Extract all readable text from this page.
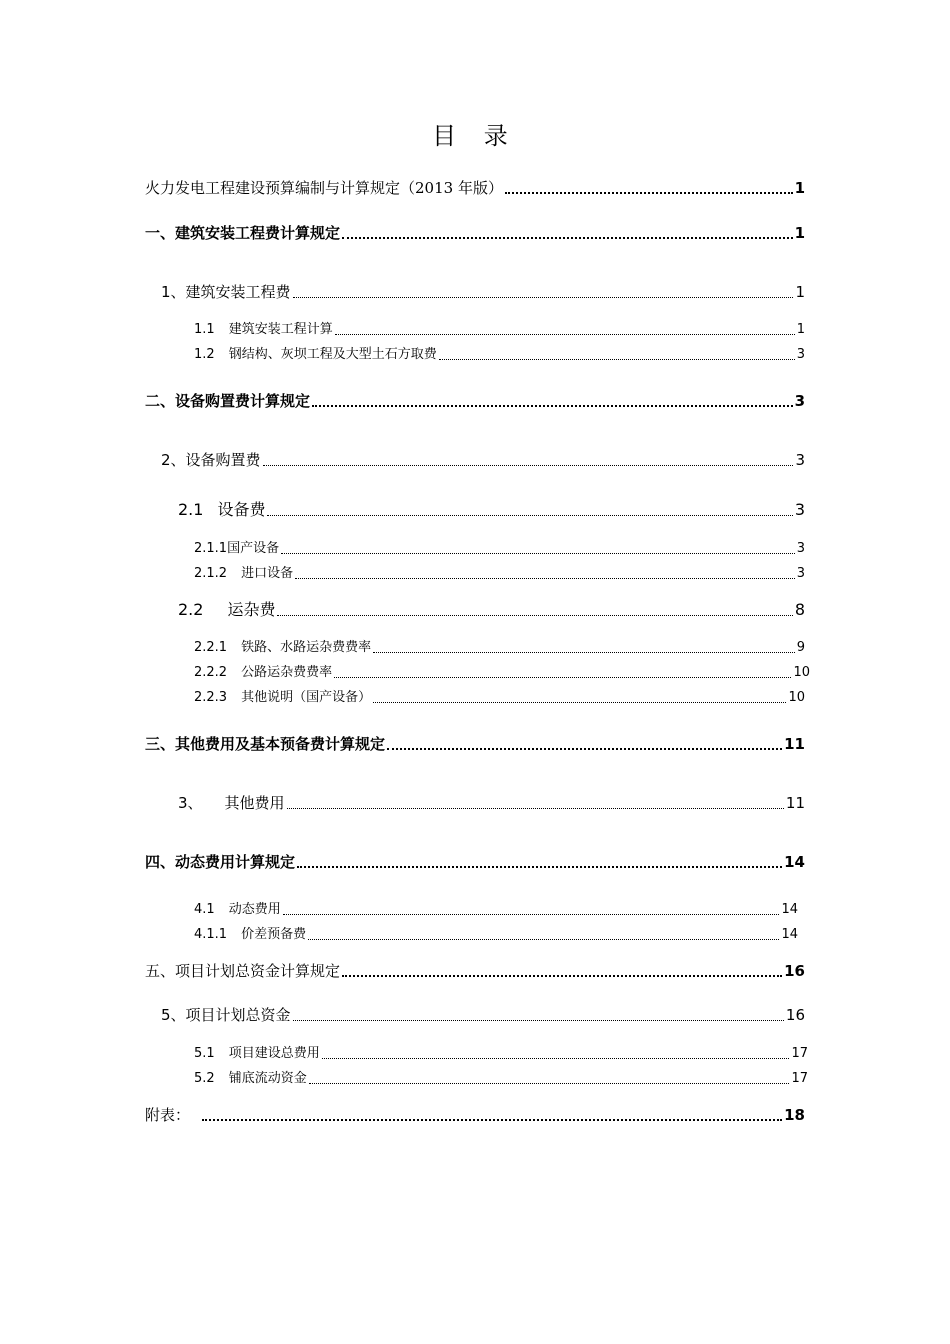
目 录
火力发电工程建设预算编制与计算规定（2013 年版）	1
一、建筑安装工程费计算规定	1
1、建筑安装工程费	1
1.1 建筑安装工程计算	1
1.2 钢结构、灰坝工程及大型土石方取费	3
二、设备购置费计算规定	3
2、设备购置费	3
2.1 设备费	3
2.1.1 国产设备	3
2.1.2 进口设备	3
2.2 运杂费	8
2.2.1 铁路、水路运杂费费率	9
2.2.2 公路运杂费费率	10
2.2.3 其他说明（国产设备）	10
三、其他费用及基本预备费计算规定	11
3、 其他费用	11
四、动态费用计算规定	14
4.1 动态费用	14
4.1.1 价差预备费	14
五、项目计划总资金计算规定	16
5、项目计划总资金	16
5.1 项目建设总费用	17
5.2 铺底流动资金	17
附表：	18
